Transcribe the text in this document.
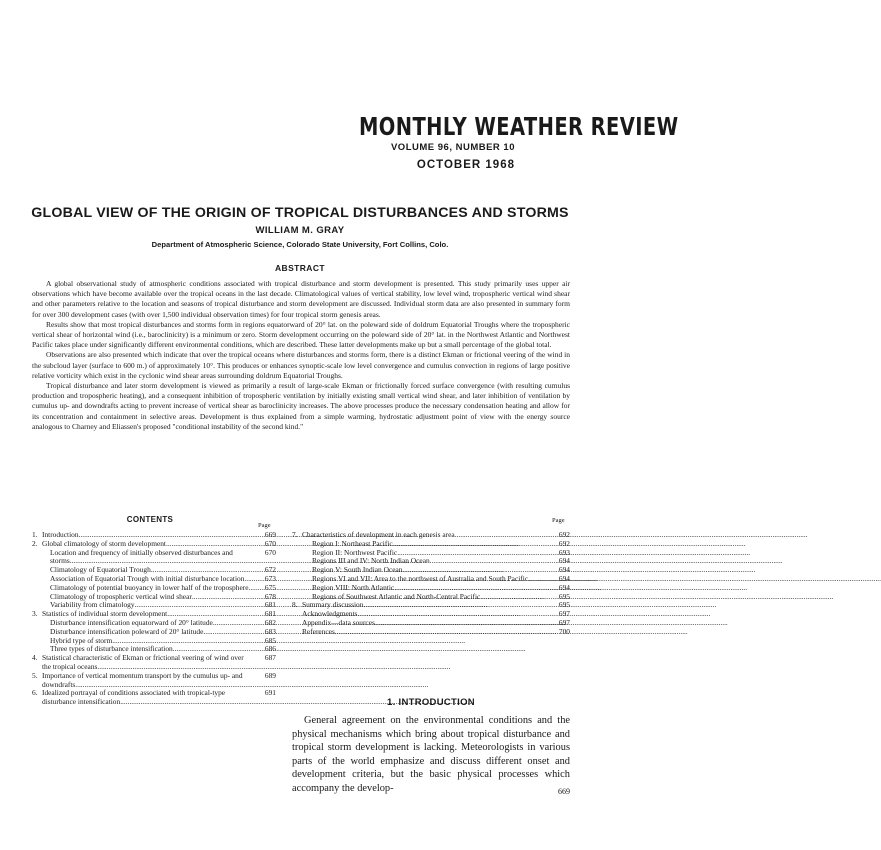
MONTHLY WEATHER REVIEW
VOLUME 96, NUMBER 10
OCTOBER 1968
GLOBAL VIEW OF THE ORIGIN OF TROPICAL DISTURBANCES AND STORMS
WILLIAM M. GRAY
Department of Atmospheric Science, Colorado State University, Fort Collins, Colo.
ABSTRACT

A global observational study of atmospheric conditions associated with tropical disturbance and storm development is presented. This study primarily uses upper air observations which have become available over the tropical oceans in the last decade. Climatological values of vertical stability, low level wind, tropospheric vertical wind shear and other parameters relative to the location and seasons of tropical disturbance and storm development are discussed. Individual storm data are also presented in summary form for over 300 development cases (with over 1,500 individual observation times) for four tropical storm genesis areas.

Results show that most tropical disturbances and storms form in regions equatorward of 20° lat. on the poleward side of doldrum Equatorial Troughs where the tropospheric vertical shear of horizontal wind (i.e., baroclinicity) is a minimum or zero. Storm development occurring on the poleward side of 20° lat. in the Northwest Atlantic and Northwest Pacific takes place under significantly different environmental conditions, which are described. These latter developments make up but a small percentage of the global total.

Observations are also presented which indicate that over the tropical oceans where disturbances and storms form, there is a distinct Ekman or frictional veering of the wind in the subcloud layer (surface to 600 m.) of approximately 10°. This produces or enhances synoptic-scale low level convergence and cumulus convection in regions of large positive relative vorticity which exist in the cyclonic wind shear areas surrounding doldrum Equatorial Troughs.

Tropical disturbance and later storm development is viewed as primarily a result of large-scale Ekman or frictionally forced surface convergence (with resulting cumulus production and tropospheric heating), and a consequent inhibition of tropospheric ventilation by initially existing small vertical wind shear, and later inhibition of ventilation by cumulus up- and downdrafts acting to prevent increase of vertical shear as baroclinicity increases. The above processes produce the necessary condensation heating and allow for its concentration and containment in selective areas. Development is thus explained from a simple warming, hydrostatic adjustment point of view with the energy source analogous to Charney and Eliassen's proposed "conditional instability of the second kind."

CONTENTS
Page
Page
1. Introduction .....	669
2. Global climatology of storm development .....	670
Location and frequency of initially observed disturbances and storms .....
670
Climatology of Equatorial Trough .....	672
Association of Equatorial Trough with initial disturbance location .....	673
Climatology of potential buoyancy in lower half of the troposphere .....	675
Climatology of tropospheric vertical wind shear .....	678
Variability from climatology .....	681
3. Statistics of individual storm development .....	681
Disturbance intensification equatorward of 20° latitude .....	682
Disturbance intensification poleward of 20° latitude .....	683
Hybrid type of storm .....	685
Three types of disturbance intensification .....	686
4. Statistical characteristic of Ekman or frictional veering of wind over the tropical oceans .....
687
5. Importance of vertical momentum transport by the cumulus up- and downdrafts .....
689
6. Idealized portrayal of conditions associated with tropical-type disturbance intensification .....
691
7. Characteristics of development in each genesis area .....	692
Region I: Northeast Pacific .....	692
Region II: Northwest Pacific .....	693
Regions III and IV: North Indian Ocean .....	694
Region V: South Indian Ocean .....	694
Regions VI and VII: Area to the northwest of Australia and South Pacific .....	694
Region VIII: North Atlantic .....	694
Regions of Southwest Atlantic and North-Central Pacific .....	695
8. Summary discussion .....	695
Acknowledgments .....	697
Appendix—data sources .....	697
References .....	700
1. INTRODUCTION

General agreement on the environmental conditions and the physical mechanisms which bring about tropical disturbance and tropical storm development is lacking. Meteorologists in various parts of the world emphasize and discuss different onset and development criteria, but the basic physical processes which accompany the develop-	669
